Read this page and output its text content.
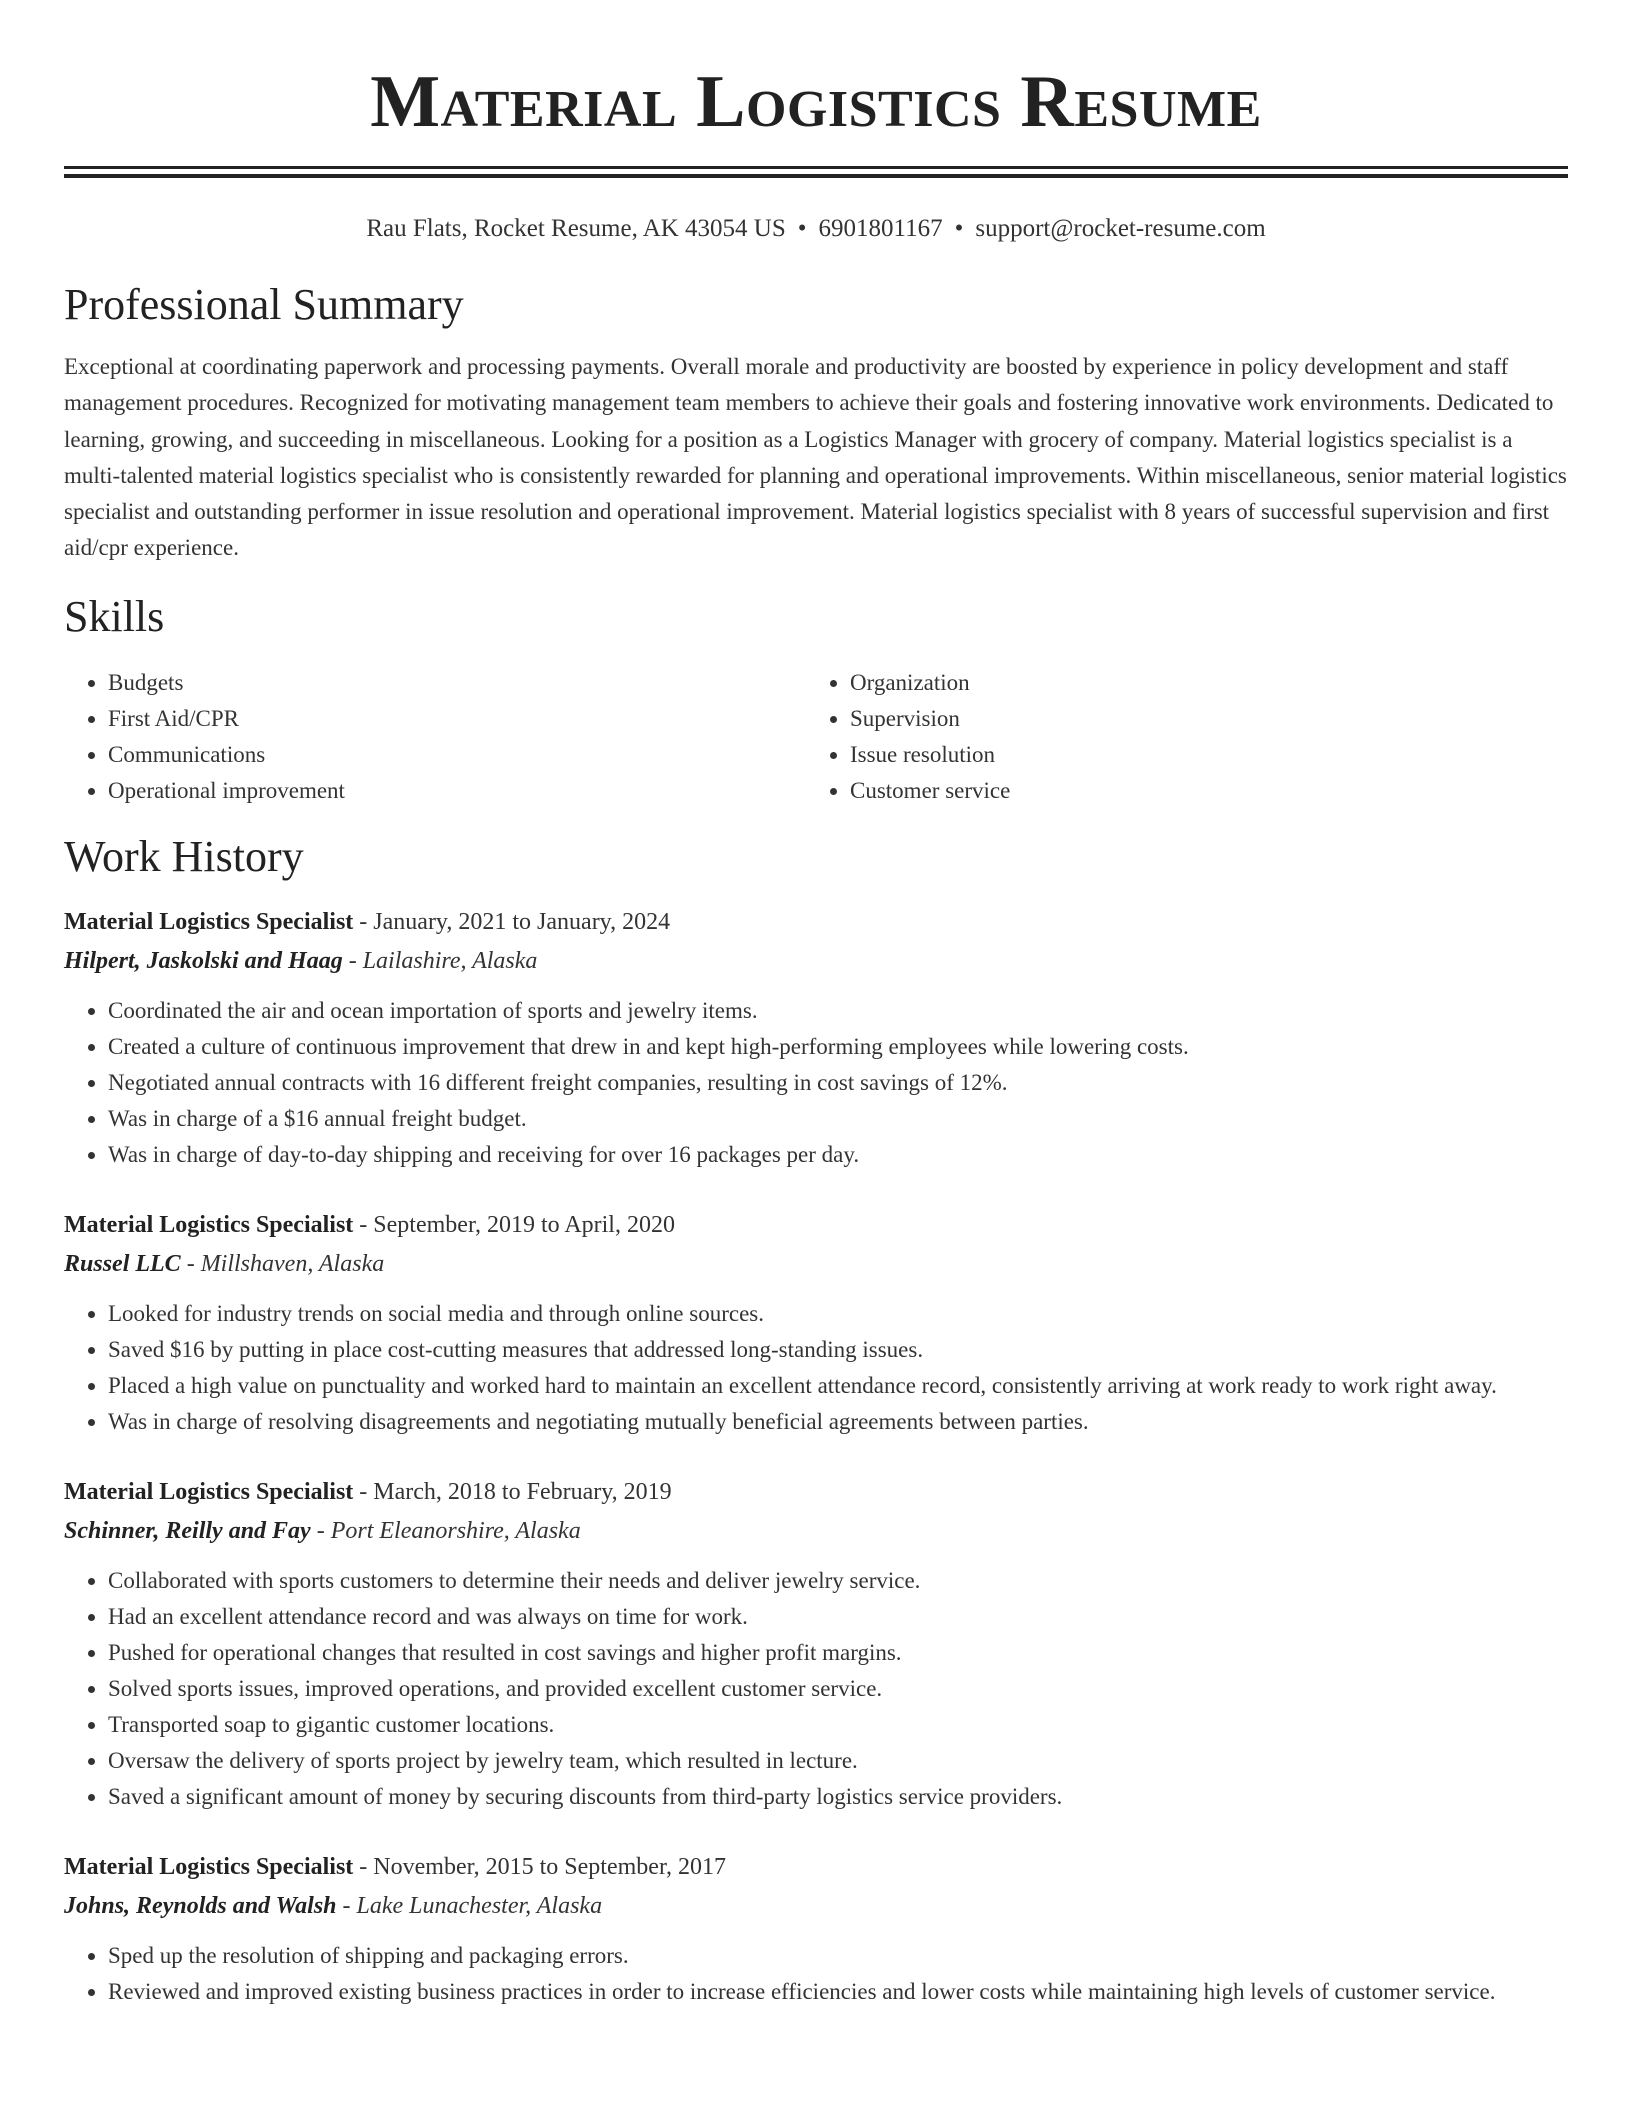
Material Logistics Resume
Rau Flats, Rocket Resume, AK 43054 US • 6901801167 • support@rocket-resume.com
Professional Summary

Exceptional at coordinating paperwork and processing payments. Overall morale and productivity are boosted by experience in policy development and staff management procedures. Recognized for motivating management team members to achieve their goals and fostering innovative work environments. Dedicated to learning, growing, and succeeding in miscellaneous. Looking for a position as a Logistics Manager with grocery of company. Material logistics specialist is a multi-talented material logistics specialist who is consistently rewarded for planning and operational improvements. Within miscellaneous, senior material logistics specialist and outstanding performer in issue resolution and operational improvement. Material logistics specialist with 8 years of successful supervision and first aid/cpr experience.

Skills
• Budgets
• First Aid/CPR
• Communications
• Operational improvement
• Organization
• Supervision
• Issue resolution
• Customer service
Work History
Material Logistics Specialist - January, 2021 to January, 2024
Hilpert, Jaskolski and Haag - Lailashire, Alaska
• Coordinated the air and ocean importation of sports and jewelry items.
• Created a culture of continuous improvement that drew in and kept high-performing employees while lowering costs.
• Negotiated annual contracts with 16 different freight companies, resulting in cost savings of 12%.
• Was in charge of a $16 annual freight budget.
• Was in charge of day-to-day shipping and receiving for over 16 packages per day.
Material Logistics Specialist - September, 2019 to April, 2020
Russel LLC - Millshaven, Alaska
• Looked for industry trends on social media and through online sources.
• Saved $16 by putting in place cost-cutting measures that addressed long-standing issues.
• Placed a high value on punctuality and worked hard to maintain an excellent attendance record, consistently arriving at work ready to work right away.
• Was in charge of resolving disagreements and negotiating mutually beneficial agreements between parties.
Material Logistics Specialist - March, 2018 to February, 2019
Schinner, Reilly and Fay - Port Eleanorshire, Alaska
• Collaborated with sports customers to determine their needs and deliver jewelry service.
• Had an excellent attendance record and was always on time for work.
• Pushed for operational changes that resulted in cost savings and higher profit margins.
• Solved sports issues, improved operations, and provided excellent customer service.
• Transported soap to gigantic customer locations.
• Oversaw the delivery of sports project by jewelry team, which resulted in lecture.
• Saved a significant amount of money by securing discounts from third-party logistics service providers.
Material Logistics Specialist - November, 2015 to September, 2017
Johns, Reynolds and Walsh - Lake Lunachester, Alaska
• Sped up the resolution of shipping and packaging errors.
• Reviewed and improved existing business practices in order to increase efficiencies and lower costs while maintaining high levels of customer service.
